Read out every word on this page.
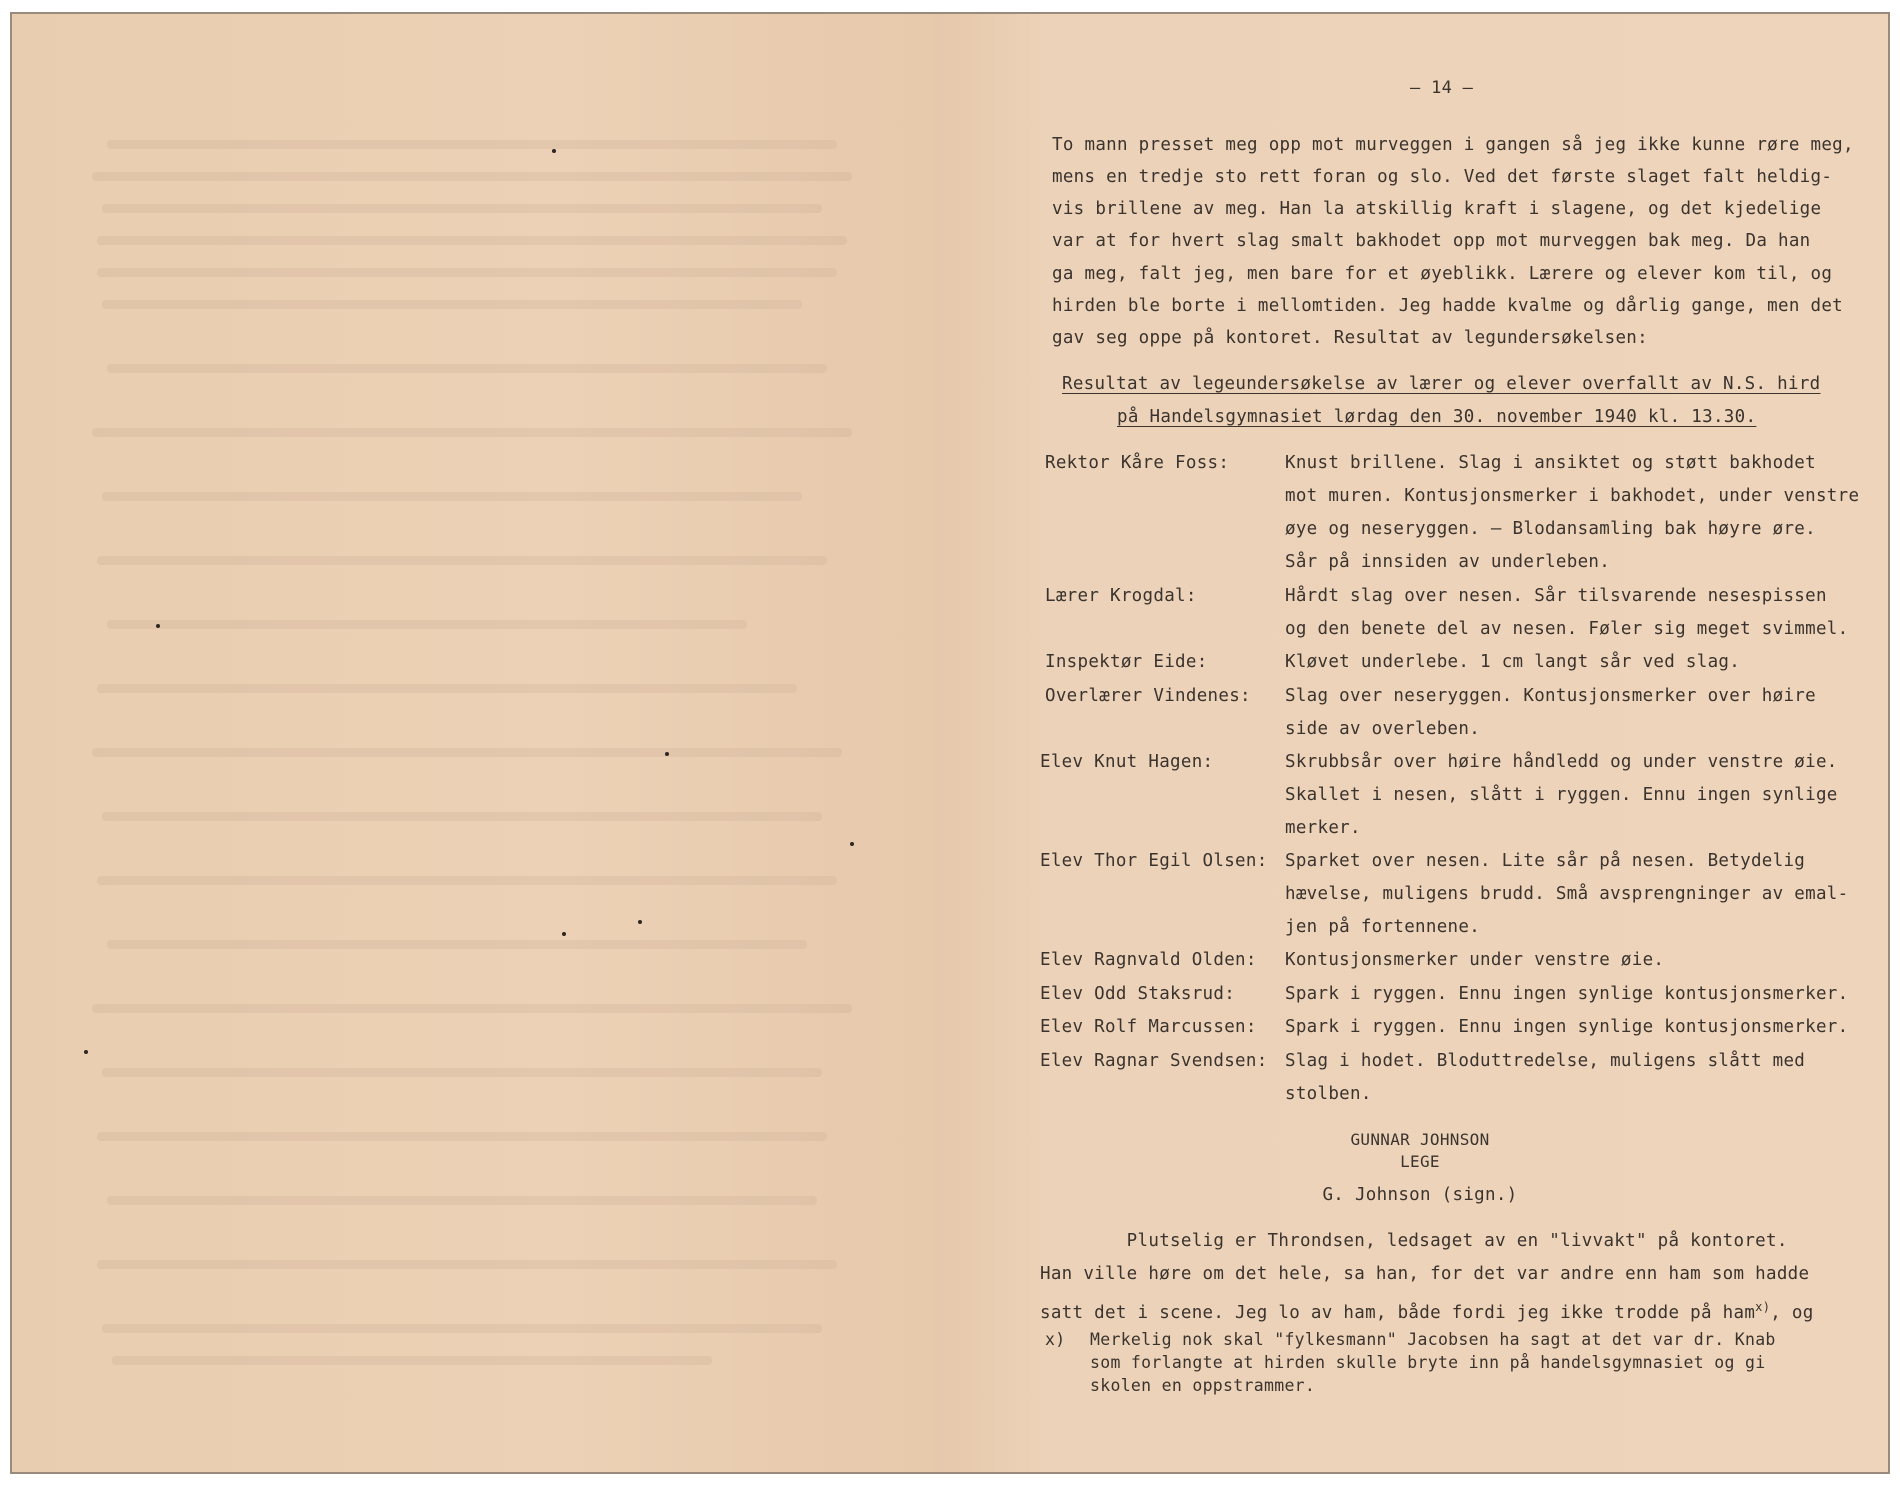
– 14 –
To mann presset meg opp mot murveggen i gangen så jeg ikke kunne røre meg,
mens en tredje sto rett foran og slo. Ved det første slaget falt heldig-
vis brillene av meg. Han la atskillig kraft i slagene, og det kjedelige
var at for hvert slag smalt bakhodet opp mot murveggen bak meg. Da han
ga meg, falt jeg, men bare for et øyeblikk. Lærere og elever kom til, og
hirden ble borte i mellomtiden. Jeg hadde kvalme og dårlig gange, men det
gav seg oppe på kontoret. Resultat av legundersøkelsen:
Resultat av legeundersøkelse av lærer og elever overfallt av N.S. hird
på Handelsgymnasiet lørdag den 30. november 1940 kl. 13.30.
Rektor Kåre Foss:	Knust brillene. Slag i ansiktet og støtt bakhodet
mot muren. Kontusjonsmerker i bakhodet, under venstre
øye og neseryggen. – Blodansamling bak høyre øre.
Sår på innsiden av underleben.
Lærer Krogdal:	Hårdt slag over nesen. Sår tilsvarende nesespissen
og den benete del av nesen. Føler sig meget svimmel.
Inspektør Eide:	Kløvet underlebe. 1 cm langt sår ved slag.
Overlærer Vindenes: Slag over neseryggen. Kontusjonsmerker over høire
side av overleben.
Elev Knut Hagen:	Skrubbsår over høire håndledd og under venstre øie.
Skallet i nesen, slått i ryggen. Ennu ingen synlige
merker.
Elev Thor Egil Olsen: Sparket over nesen. Lite sår på nesen. Betydelig
hævelse, muligens brudd. Små avsprengninger av emal-
jen på fortennene.
Elev Ragnvald Olden: Kontusjonsmerker under venstre øie.
Elev Odd Staksrud:	Spark i ryggen. Ennu ingen synlige kontusjonsmerker.
Elev Rolf Marcussen: Spark i ryggen. Ennu ingen synlige kontusjonsmerker.
Elev Ragnar Svendsen: Slag i hodet. Bloduttredelse, muligens slått med
stolben.
GUNNAR JOHNSON
LEGE
G. Johnson (sign.)
Plutselig er Throndsen, ledsaget av en "livvakt" på kontoret.
Han ville høre om det hele, sa han, for det var andre enn ham som hadde
satt det i scene. Jeg lo av ham, både fordi jeg ikke trodde på ham$^{x)}$, og
x) Merkelig nok skal "fylkesmann" Jacobsen ha sagt at det var dr. Knab
som forlangte at hirden skulle bryte inn på handelsgymnasiet og gi
skolen en oppstrammer.
